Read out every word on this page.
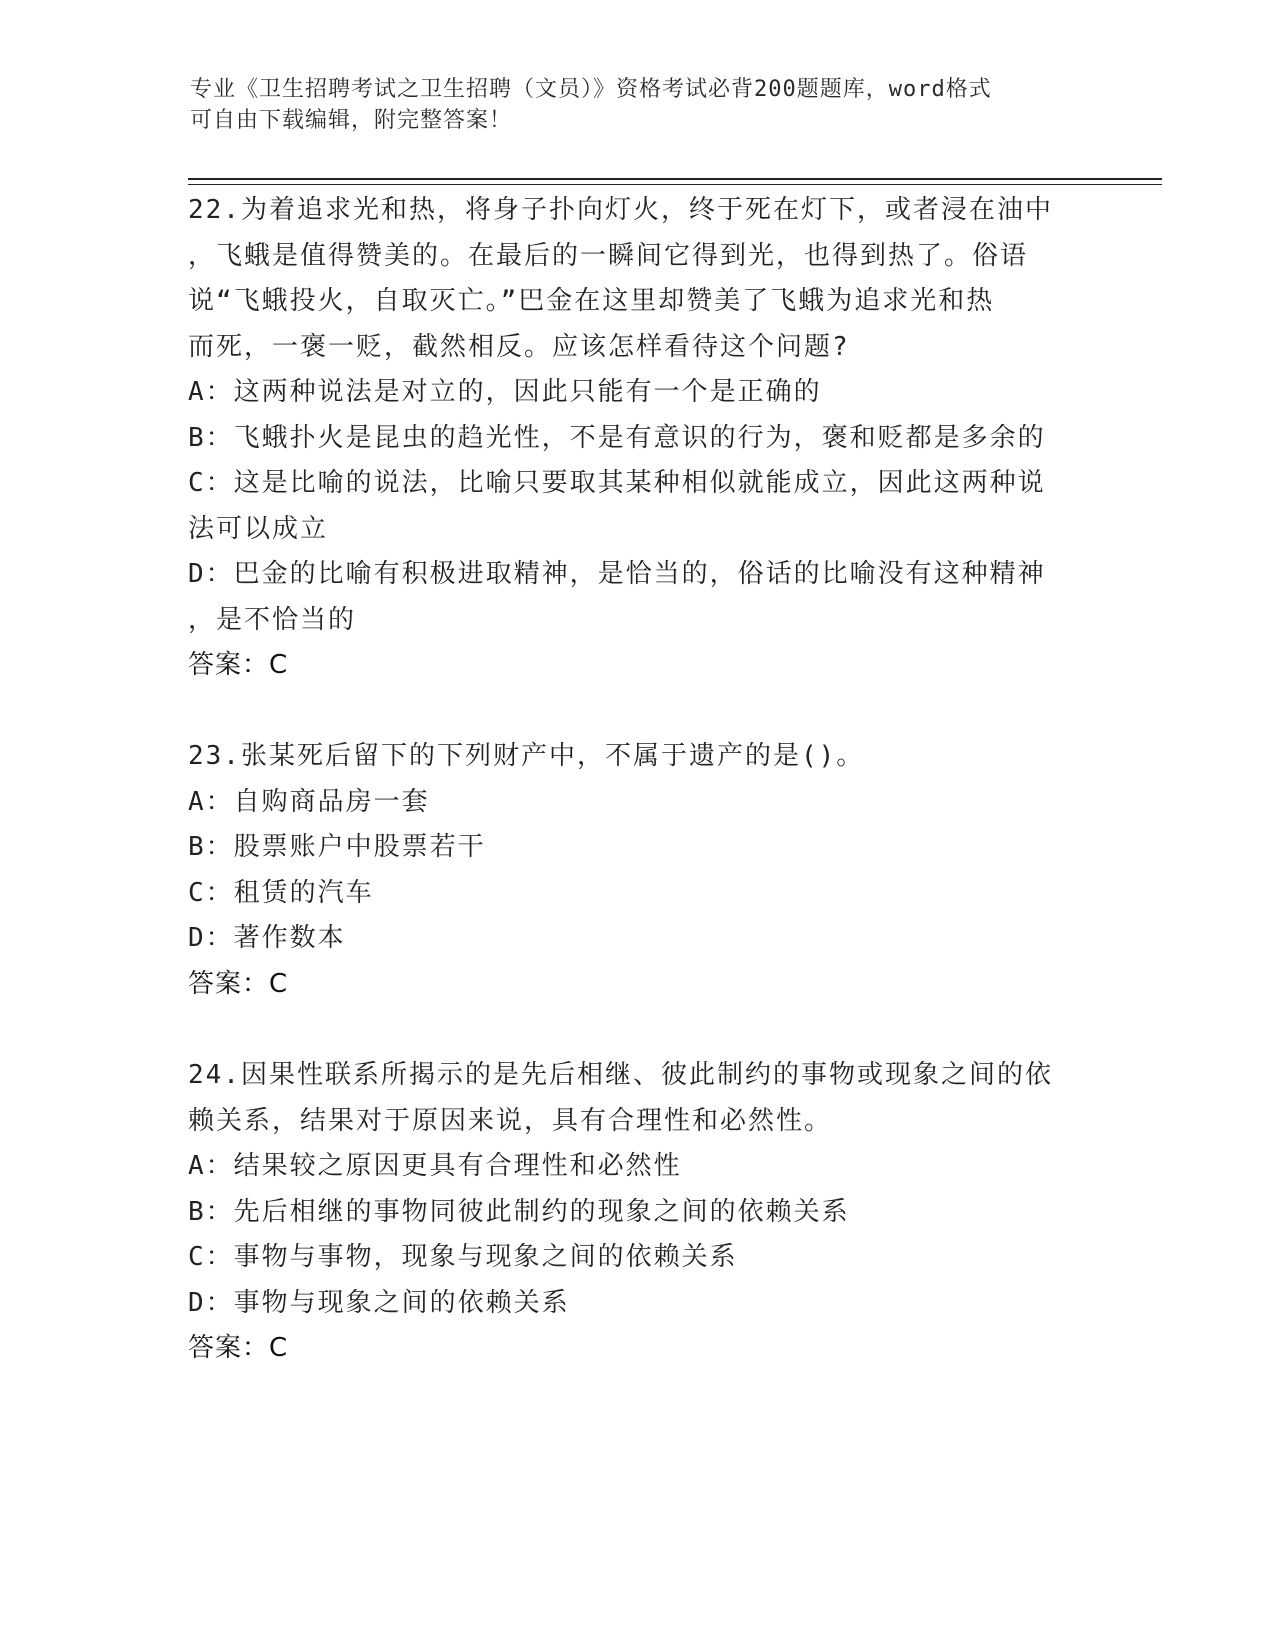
专业《卫生招聘考试之卫生招聘（文员）》资格考试必背200题题库，word格式
可自由下载编辑，附完整答案！
22.为着追求光和热，将身子扑向灯火，终于死在灯下，或者浸在油中
，飞蛾是值得赞美的。在最后的一瞬间它得到光，也得到热了。俗语
说“飞蛾投火，自取灭亡。”巴金在这里却赞美了飞蛾为追求光和热
而死，一褒一贬，截然相反。应该怎样看待这个问题?
A：这两种说法是对立的，因此只能有一个是正确的
B：飞蛾扑火是昆虫的趋光性，不是有意识的行为，褒和贬都是多余的
C：这是比喻的说法，比喻只要取其某种相似就能成立，因此这两种说
法可以成立
D：巴金的比喻有积极进取精神，是恰当的，俗话的比喻没有这种精神
，是不恰当的
答案：C
23.张某死后留下的下列财产中，不属于遗产的是()。
A：自购商品房一套
B：股票账户中股票若干
C：租赁的汽车
D：著作数本
答案：C
24.因果性联系所揭示的是先后相继、彼此制约的事物或现象之间的依
赖关系，结果对于原因来说，具有合理性和必然性。
A：结果较之原因更具有合理性和必然性
B：先后相继的事物同彼此制约的现象之间的依赖关系
C：事物与事物，现象与现象之间的依赖关系
D：事物与现象之间的依赖关系
答案：C
